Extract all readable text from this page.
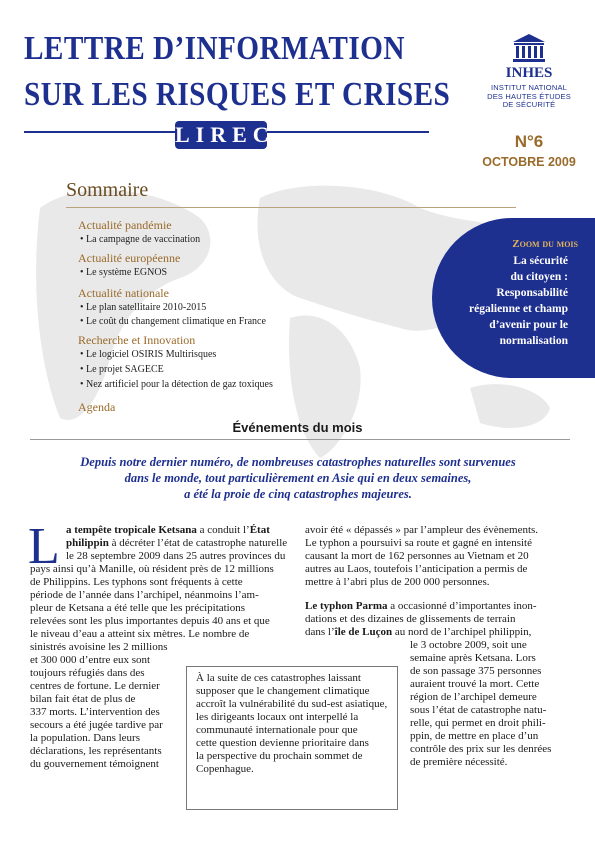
LETTRE D’INFORMATION
SUR LES RISQUES ET CRISES
LIREC
INHES
INSTITUT NATIONAL
DES HAUTES ÉTUDES
DE SÉCURITÉ
N°6
OCTOBRE 2009
Sommaire
Actualité pandémie
• La campagne de vaccination
Actualité européenne
• Le système EGNOS
Actualité nationale
• Le plan satellitaire 2010-2015
• Le coût du changement climatique en France
Recherche et Innovation
• Le logiciel OSIRIS Multirisques
• Le projet SAGECE
• Nez artificiel pour la détection de gaz toxiques
Agenda
Zoom du mois
La sécurité
du citoyen :
Responsabilité
régalienne et champ
d’avenir pour le
normalisation
Événements du mois
Depuis notre dernier numéro, de nombreuses catastrophes naturelles sont survenues
dans le monde, tout particulièrement en Asie qui en deux semaines,
a été la proie de cinq catastrophes majeures.
L a tempête tropicale Ketsana a conduit l’État
philippin à décréter l’état de catastrophe naturelle
le 28 septembre 2009 dans 25 autres provinces du
pays ainsi qu’à Manille, où résident près de 12 millions
de Philippins. Les typhons sont fréquents à cette
période de l’année dans l’archipel, néanmoins l’am-
pleur de Ketsana a été telle que les précipitations
relevées sont les plus importantes depuis 40 ans et que
le niveau d’eau a atteint six mètres. Le nombre de
sinistrés avoisine les 2 millions
et 300 000 d’entre eux sont
toujours réfugiés dans des
centres de fortune. Le dernier
bilan fait état de plus de
337 morts. L’intervention des
secours a été jugée tardive par
la population. Dans leurs
déclarations, les représentants
du gouvernement témoignent
avoir été « dépassés » par l’ampleur des évènements.
Le typhon a poursuivi sa route et gagné en intensité
causant la mort de 162 personnes au Vietnam et 20
autres au Laos, toutefois l’anticipation a permis de
mettre à l’abri plus de 200 000 personnes.
Le typhon Parma a occasionné d’importantes inon-
dations et des dizaines de glissements de terrain
dans l’île de Luçon au nord de l’archipel philippin,
le 3 octobre 2009, soit une
semaine après Ketsana. Lors
de son passage 375 personnes
auraient trouvé la mort. Cette
région de l’archipel demeure
sous l’état de catastrophe natu-
relle, qui permet en droit phili-
ppin, de mettre en place d’un
contrôle des prix sur les denrées
de première nécessité.
À la suite de ces catastrophes laissant
supposer que le changement climatique
accroît la vulnérabilité du sud-est asiatique,
les dirigeants locaux ont interpellé la
communauté internationale pour que
cette question devienne prioritaire dans
la perspective du prochain sommet de
Copenhague.
